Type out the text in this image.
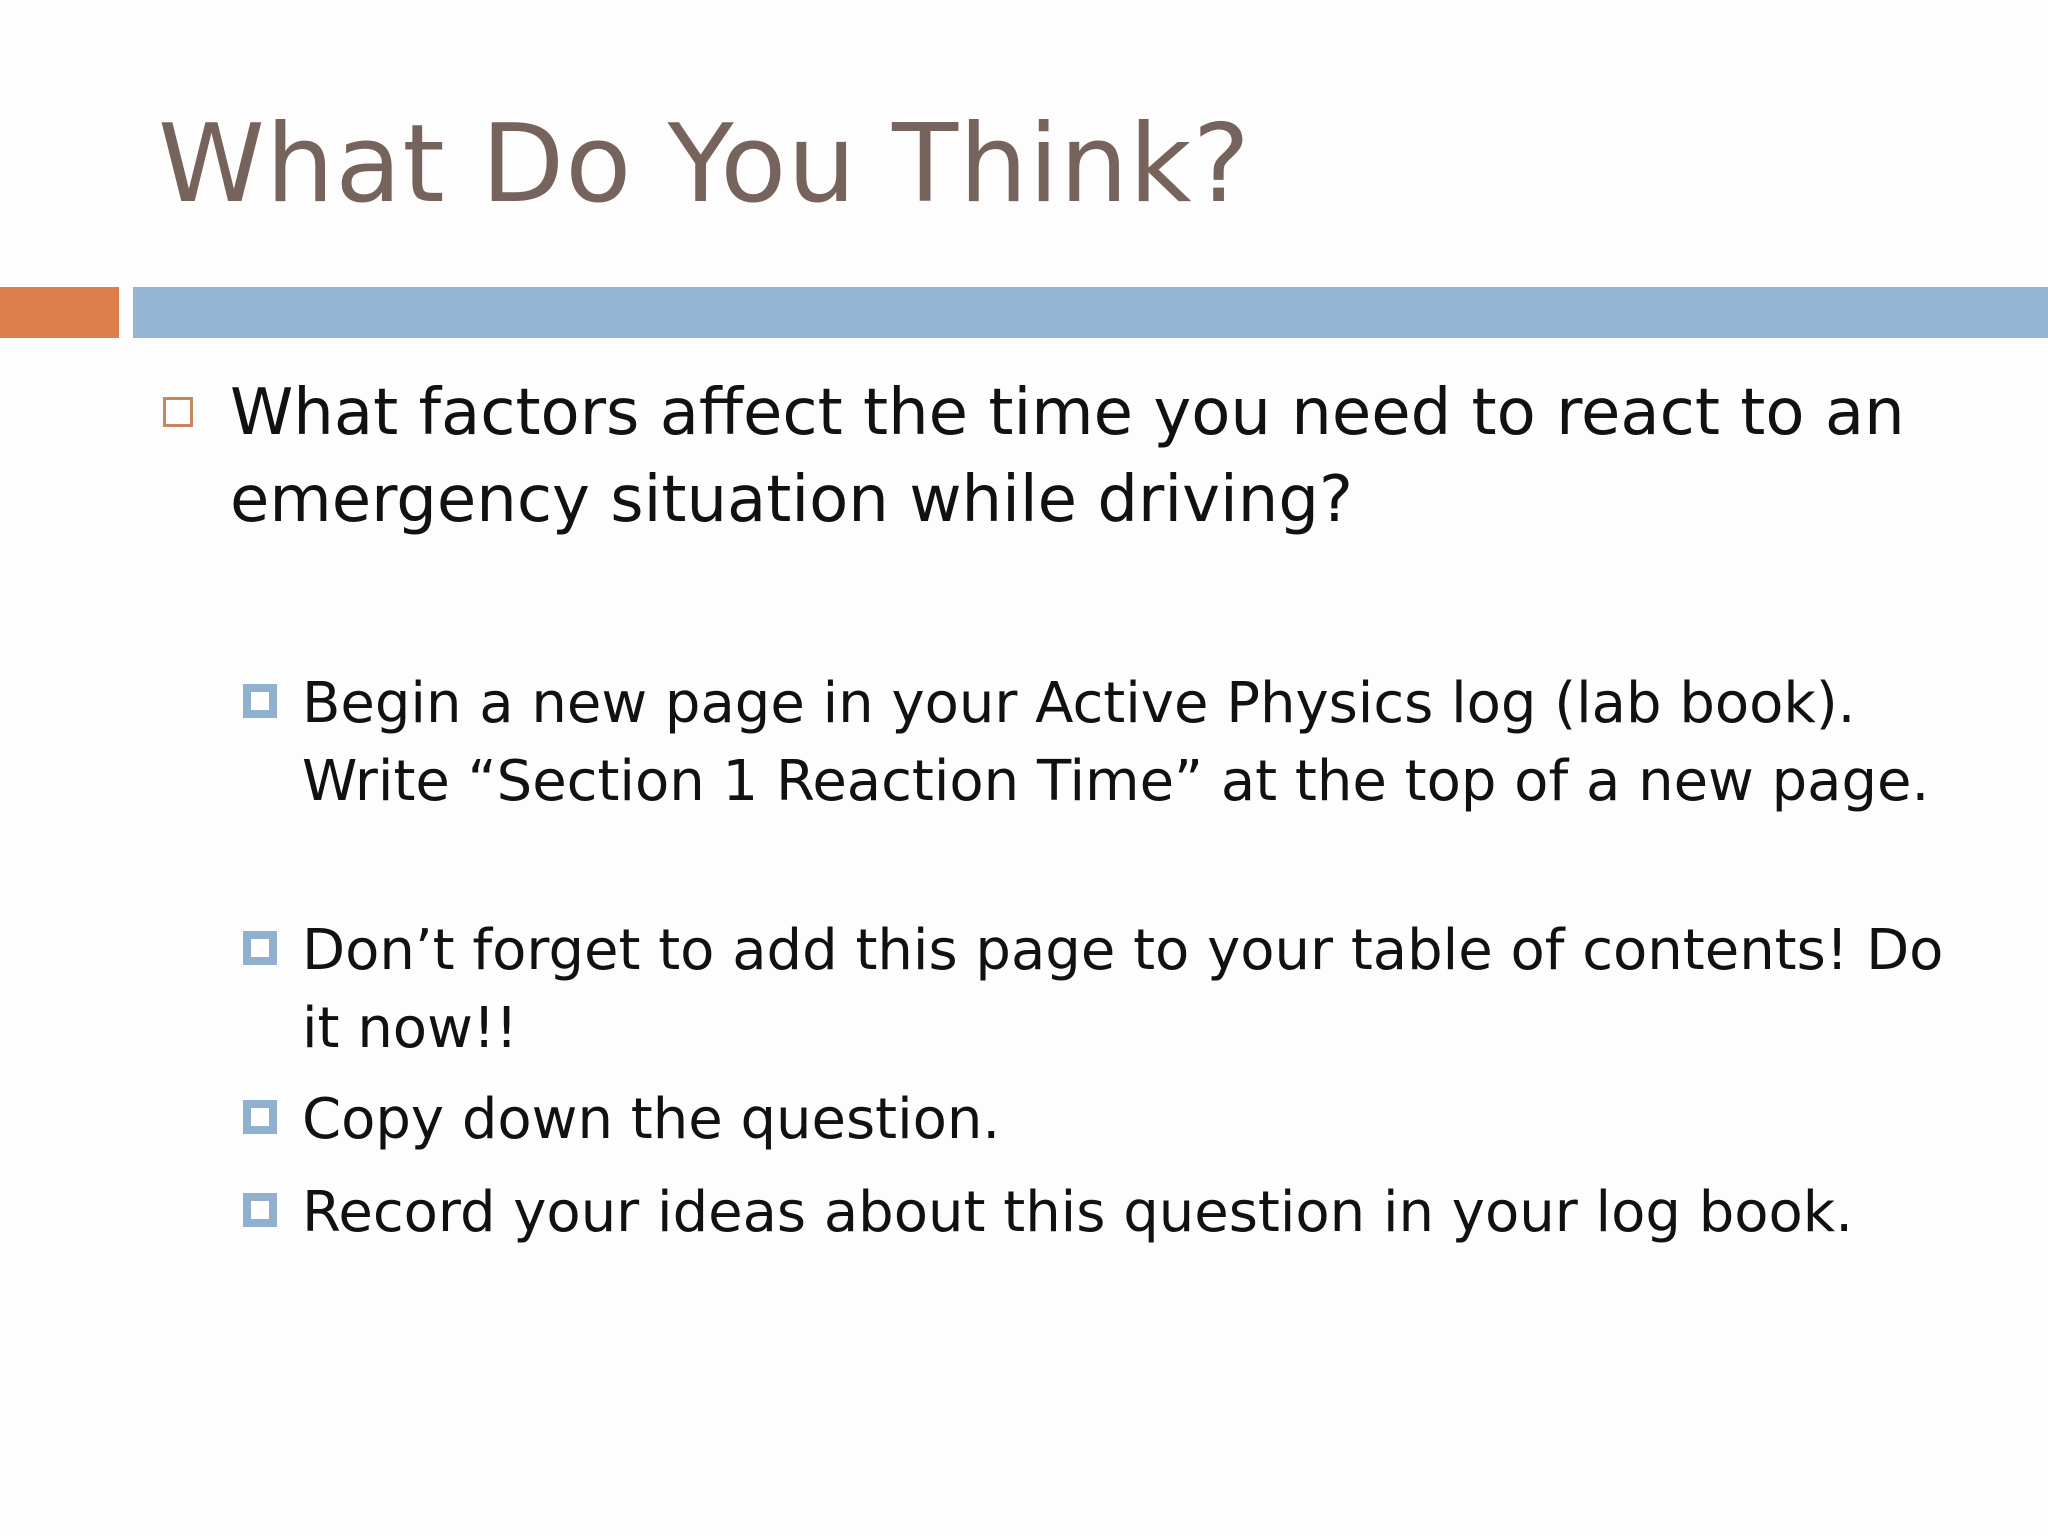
What Do You Think?
What factors affect the time you need to react to an emergency situation while driving?
Begin a new page in your Active Physics log (lab book). Write “Section 1 Reaction Time” at the top of a new page.
Don’t forget to add this page to your table of contents! Do it now!!
Copy down the question.
Record your ideas about this question in your log book.
